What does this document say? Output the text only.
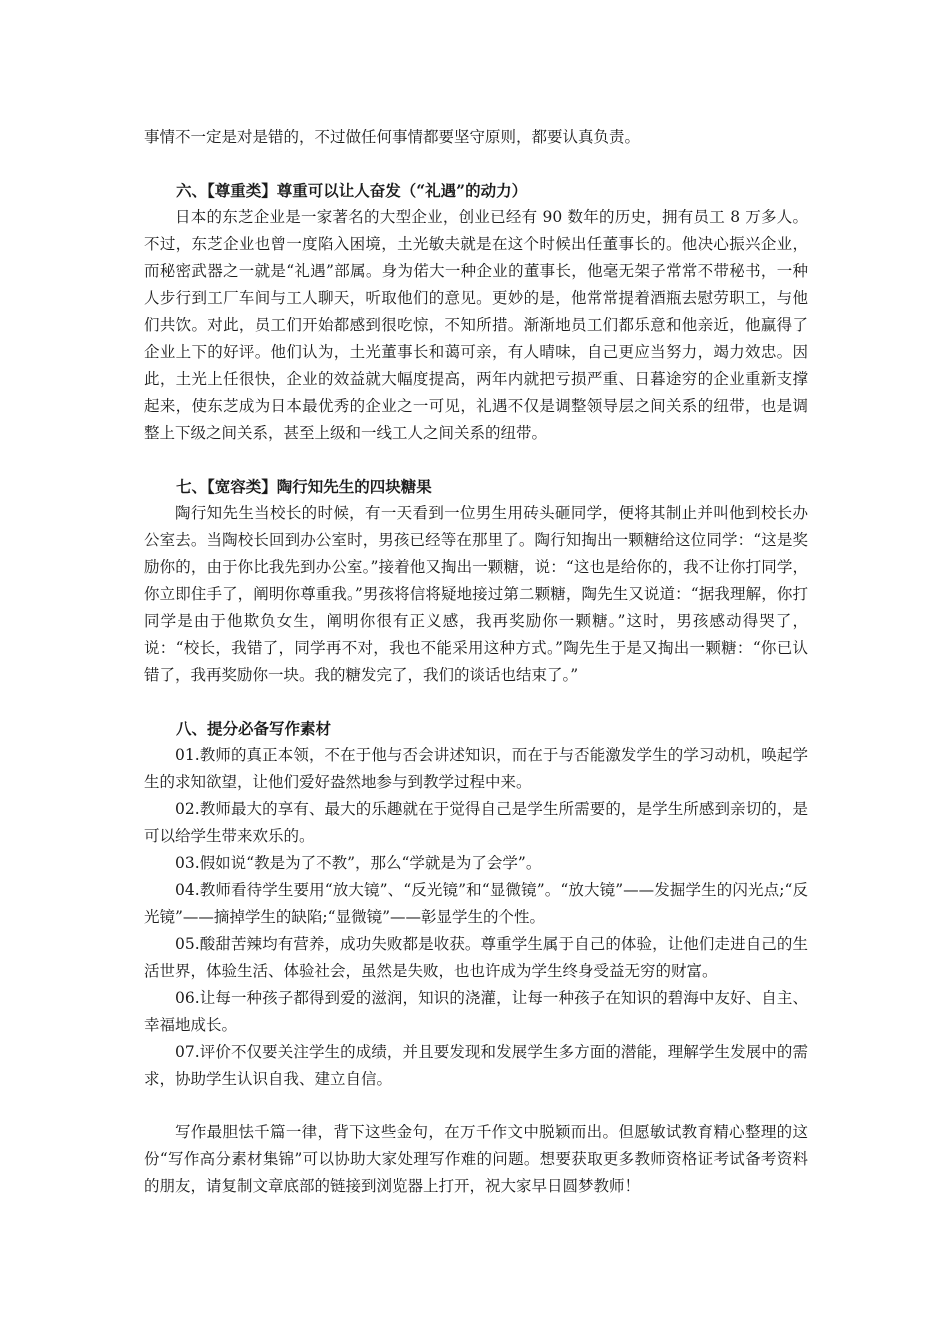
事情不一定是对是错的，不过做任何事情都要坚守原则，都要认真负责。

六、【尊重类】尊重可以让人奋发（“礼遇”的动力）

日本的东芝企业是一家著名的大型企业，创业已经有 90 数年的历史，拥有员工 8 万多人。不过，东芝企业也曾一度陷入困境，土光敏夫就是在这个时候出任董事长的。他决心振兴企业，而秘密武器之一就是“礼遇”部属。身为偌大一种企业的董事长，他毫无架子常常不带秘书，一种人步行到工厂车间与工人聊天，听取他们的意见。更妙的是，他常常提着酒瓶去慰劳职工，与他们共饮。对此，员工们开始都感到很吃惊，不知所措。渐渐地员工们都乐意和他亲近，他赢得了企业上下的好评。他们认为，土光董事长和蔼可亲，有人晴味，自己更应当努力，竭力效忠。因此，土光上任很快，企业的效益就大幅度提高，两年内就把亏损严重、日暮途穷的企业重新支撑起来，使东芝成为日本最优秀的企业之一可见，礼遇不仅是调整领导层之间关系的纽带，也是调整上下级之间关系，甚至上级和一线工人之间关系的纽带。

七、【宽容类】陶行知先生的四块糖果

陶行知先生当校长的时候，有一天看到一位男生用砖头砸同学，便将其制止并叫他到校长办公室去。当陶校长回到办公室时，男孩已经等在那里了。陶行知掏出一颗糖给这位同学：“这是奖励你的，由于你比我先到办公室。”接着他又掏出一颗糖，说：“这也是给你的，我不让你打同学，你立即住手了，阐明你尊重我。”男孩将信将疑地接过第二颗糖，陶先生又说道：“据我理解，你打同学是由于他欺负女生，阐明你很有正义感，我再奖励你一颗糖。”这时，男孩感动得哭了，说：“校长，我错了，同学再不对，我也不能采用这种方式。”陶先生于是又掏出一颗糖：“你已认错了，我再奖励你一块。我的糖发完了，我们的谈话也结束了。”

八、提分必备写作素材

01.教师的真正本领，不在于他与否会讲述知识，而在于与否能激发学生的学习动机，唤起学生的求知欲望，让他们爱好盎然地参与到教学过程中来。

02.教师最大的享有、最大的乐趣就在于觉得自己是学生所需要的，是学生所感到亲切的，是可以给学生带来欢乐的。

03.假如说“教是为了不教”，那么“学就是为了会学”。

04.教师看待学生要用“放大镜”、“反光镜”和“显微镜”。“放大镜”——发掘学生的闪光点;“反光镜”——摘掉学生的缺陷;“显微镜”——彰显学生的个性。

05.酸甜苦辣均有营养，成功失败都是收获。尊重学生属于自己的体验，让他们走进自己的生活世界，体验生活、体验社会，虽然是失败，也也许成为学生终身受益无穷的财富。

06.让每一种孩子都得到爱的滋润，知识的浇灌，让每一种孩子在知识的碧海中友好、自主、幸福地成长。

07.评价不仅要关注学生的成绩，并且要发现和发展学生多方面的潜能，理解学生发展中的需求，协助学生认识自我、建立自信。

写作最胆怯千篇一律，背下这些金句，在万千作文中脱颖而出。但愿敏试教育精心整理的这份“写作高分素材集锦”可以协助大家处理写作难的问题。想要获取更多教师资格证考试备考资料的朋友，请复制文章底部的链接到浏览器上打开，祝大家早日圆梦教师！
